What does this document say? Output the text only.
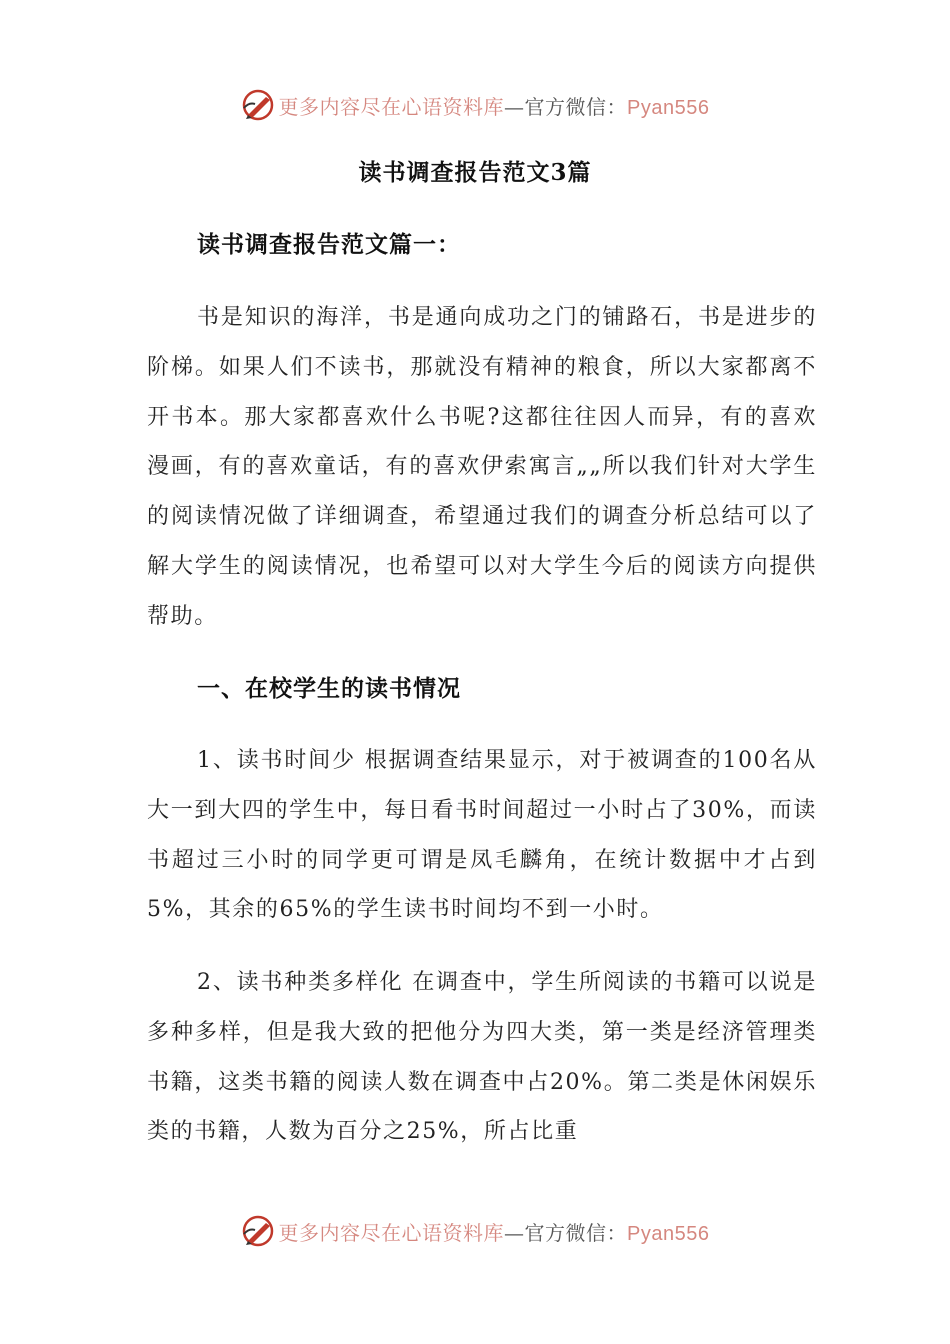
更多内容尽在心语资料库—官方微信：Pyan556
读书调查报告范文3篇
读书调查报告范文篇一：

书是知识的海洋，书是通向成功之门的铺路石，书是进步的阶梯。如果人们不读书，那就没有精神的粮食，所以大家都离不开书本。那大家都喜欢什么书呢?这都往往因人而异，有的喜欢漫画，有的喜欢童话，有的喜欢伊索寓言„„所以我们针对大学生的阅读情况做了详细调查，希望通过我们的调查分析总结可以了解大学生的阅读情况，也希望可以对大学生今后的阅读方向提供帮助。

一、在校学生的读书情况

1、读书时间少 根据调查结果显示，对于被调查的100名从大一到大四的学生中，每日看书时间超过一小时占了30%，而读书超过三小时的同学更可谓是凤毛麟角，在统计数据中才占到5%，其余的65%的学生读书时间均不到一小时。

2、读书种类多样化 在调查中，学生所阅读的书籍可以说是多种多样，但是我大致的把他分为四大类，第一类是经济管理类书籍，这类书籍的阅读人数在调查中占20%。第二类是休闲娱乐类的书籍，人数为百分之25%，所占比重

更多内容尽在心语资料库—官方微信：Pyan556
